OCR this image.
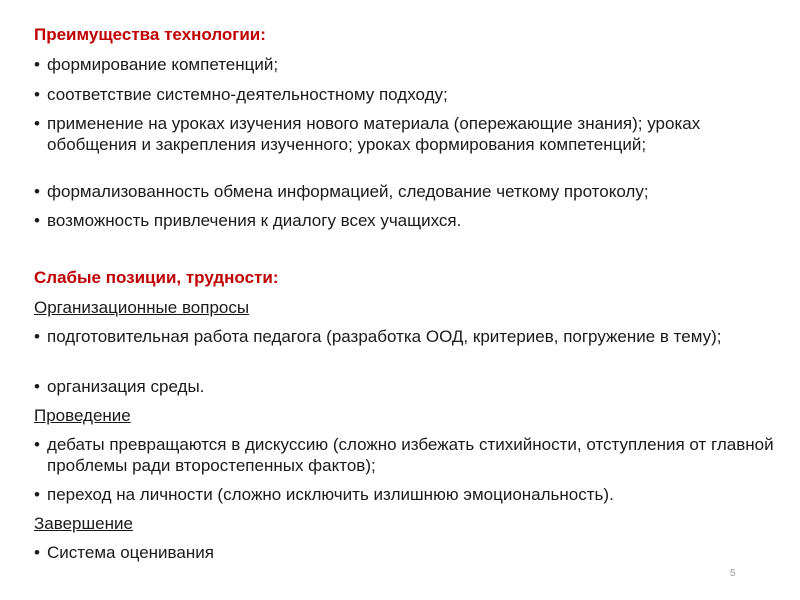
Преимущества технологии:
• формирование компетенций;
• соответствие системно-деятельностному подходу;
• применение на уроках изучения нового материала (опережающие знания); уроках обобщения и закрепления изученного; уроках формирования компетенций;
• формализованность обмена информацией, следование четкому протоколу;
• возможность привлечения к диалогу всех учащихся.
Слабые позиции, трудности:
Организационные вопросы
• подготовительная работа педагога (разработка ООД, критериев, погружение в тему);
• организация среды.
Проведение
• дебаты превращаются в дискуссию (сложно избежать стихийности, отступления от главной проблемы ради второстепенных фактов);
• переход на личности (сложно исключить излишнюю эмоциональность).
Завершение
• Система оценивания
5
